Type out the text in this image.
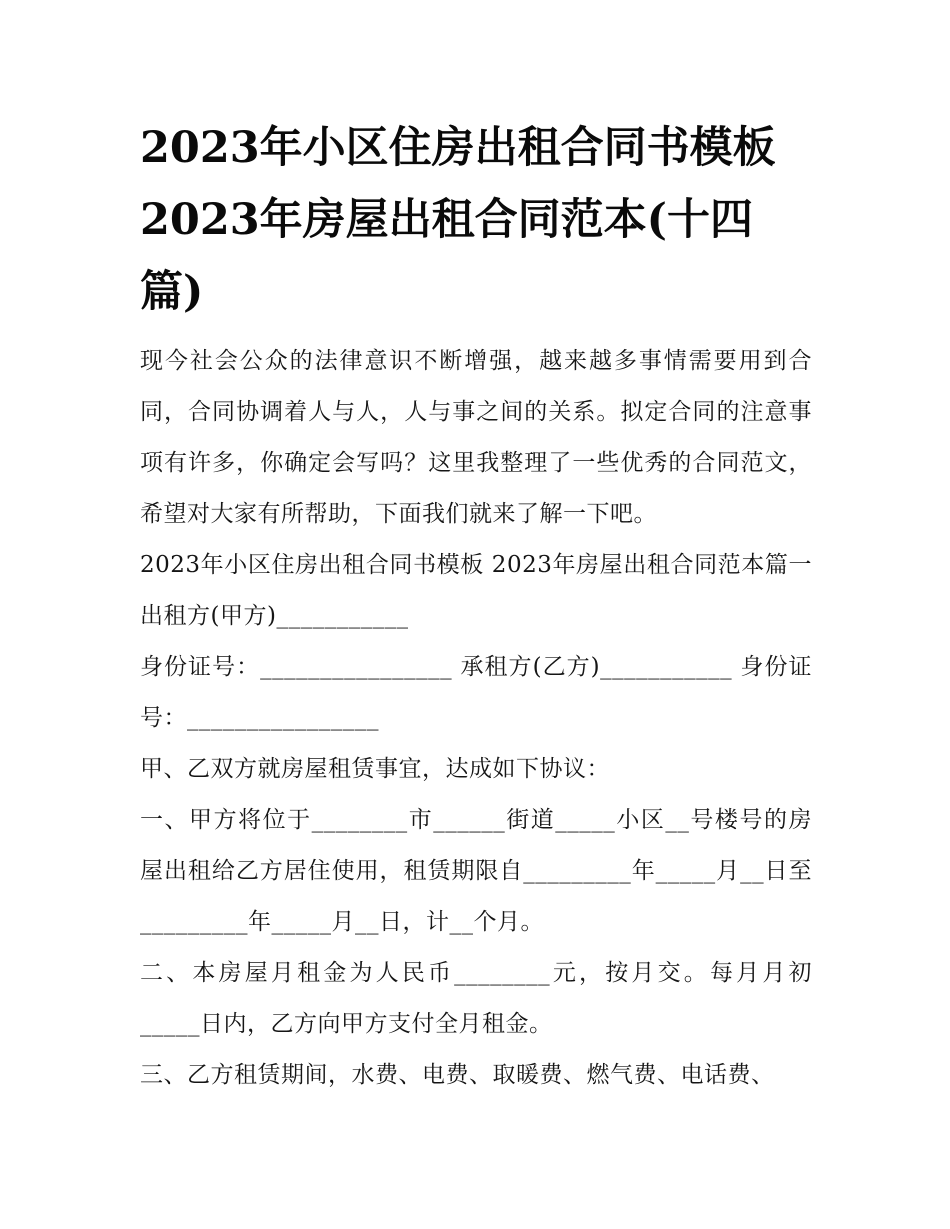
2023年小区住房出租合同书模板 2023年房屋出租合同范本(十四篇)

现今社会公众的法律意识不断增强，越来越多事情需要用到合同，合同协调着人与人，人与事之间的关系。拟定合同的注意事项有许多，你确定会写吗？这里我整理了一些优秀的合同范文，希望对大家有所帮助，下面我们就来了解一下吧。

2023年小区住房出租合同书模板 2023年房屋出租合同范本篇一 出租方(甲方)___________

身份证号：________________ 承租方(乙方)___________ 身份证号：________________

甲、乙双方就房屋租赁事宜，达成如下协议：

一、甲方将位于________市______街道_____小区__号楼号的房屋出租给乙方居住使用，租赁期限自_________年_____月__日至_________年_____月__日，计__个月。

二、本房屋月租金为人民币________元，按月交。每月月初_____日内，乙方向甲方支付全月租金。

三、乙方租赁期间，水费、电费、取暖费、燃气费、电话费、
